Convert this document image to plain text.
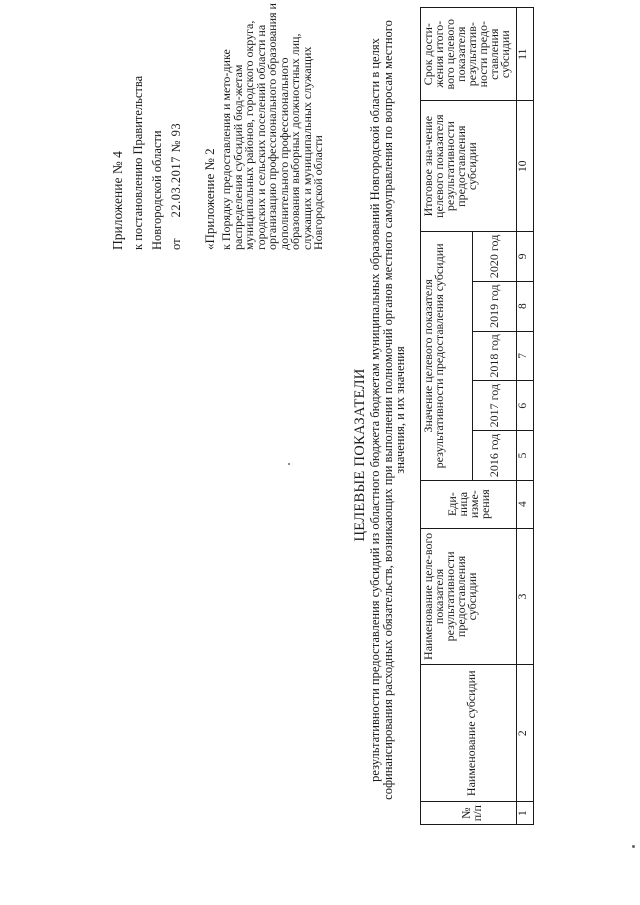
Приложение № 4 к постановлению Правительства Новгородской области от 22.03.2017 № 93 «Приложение № 2 к Порядку предоставления и мето-дике распределения субсидий бюд-жетам муниципальных районов, городского округа, городских и сельских поселений области на организацию профессионального образования и дополнительного профессионального образования выборных должностных лиц, служащих и муниципальных служащих Новгородской области
ЦЕЛЕВЫЕ ПОКАЗАТЕЛИ результативности предоставления субсидий из областного бюджета бюджетам муниципальных образований Новгородской области в целях софинансирования расходных обязательств, возникающих при выполнении полномочий органов местного самоуправления по вопросам местного значения, и их значения
№ п/п	Наименование субсидии	Наименование целе-вого показателя результативности предоставления субсидии	Еди-ница изме-рения	Значение целевого показателя результативности предоставления субсидии					Итоговое зна-чение целевого показателя результативности предоставления субсидии	Срок дости-жения итого-вого целевого показателя результатив-ности предо-ставления субсидии
				2016 год	2017 год	2018 год	2019 год	2020 год		
1	2	3	4	5	6	7	8	9	10	11
